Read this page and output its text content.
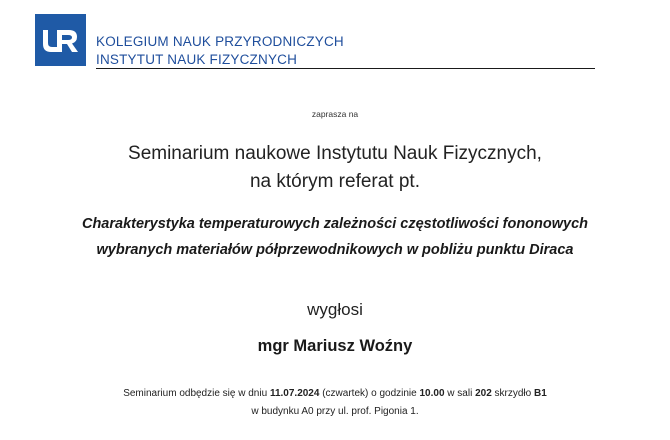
KOLEGIUM NAUK PRZYRODNICZYCH
INSTYTUT NAUK FIZYCZNYCH
zaprasza na
Seminarium naukowe Instytutu Nauk Fizycznych,
na którym referat pt.
Charakterystyka temperaturowych zależności częstotliwości fononowych
wybranych materiałów półprzewodnikowych w pobliżu punktu Diraca
wygłosi
mgr Mariusz Woźny
Seminarium odbędzie się w dniu 11.07.2024 (czwartek) o godzinie 10.00 w sali 202 skrzydło B1
w budynku A0 przy ul. prof. Pigonia 1.
